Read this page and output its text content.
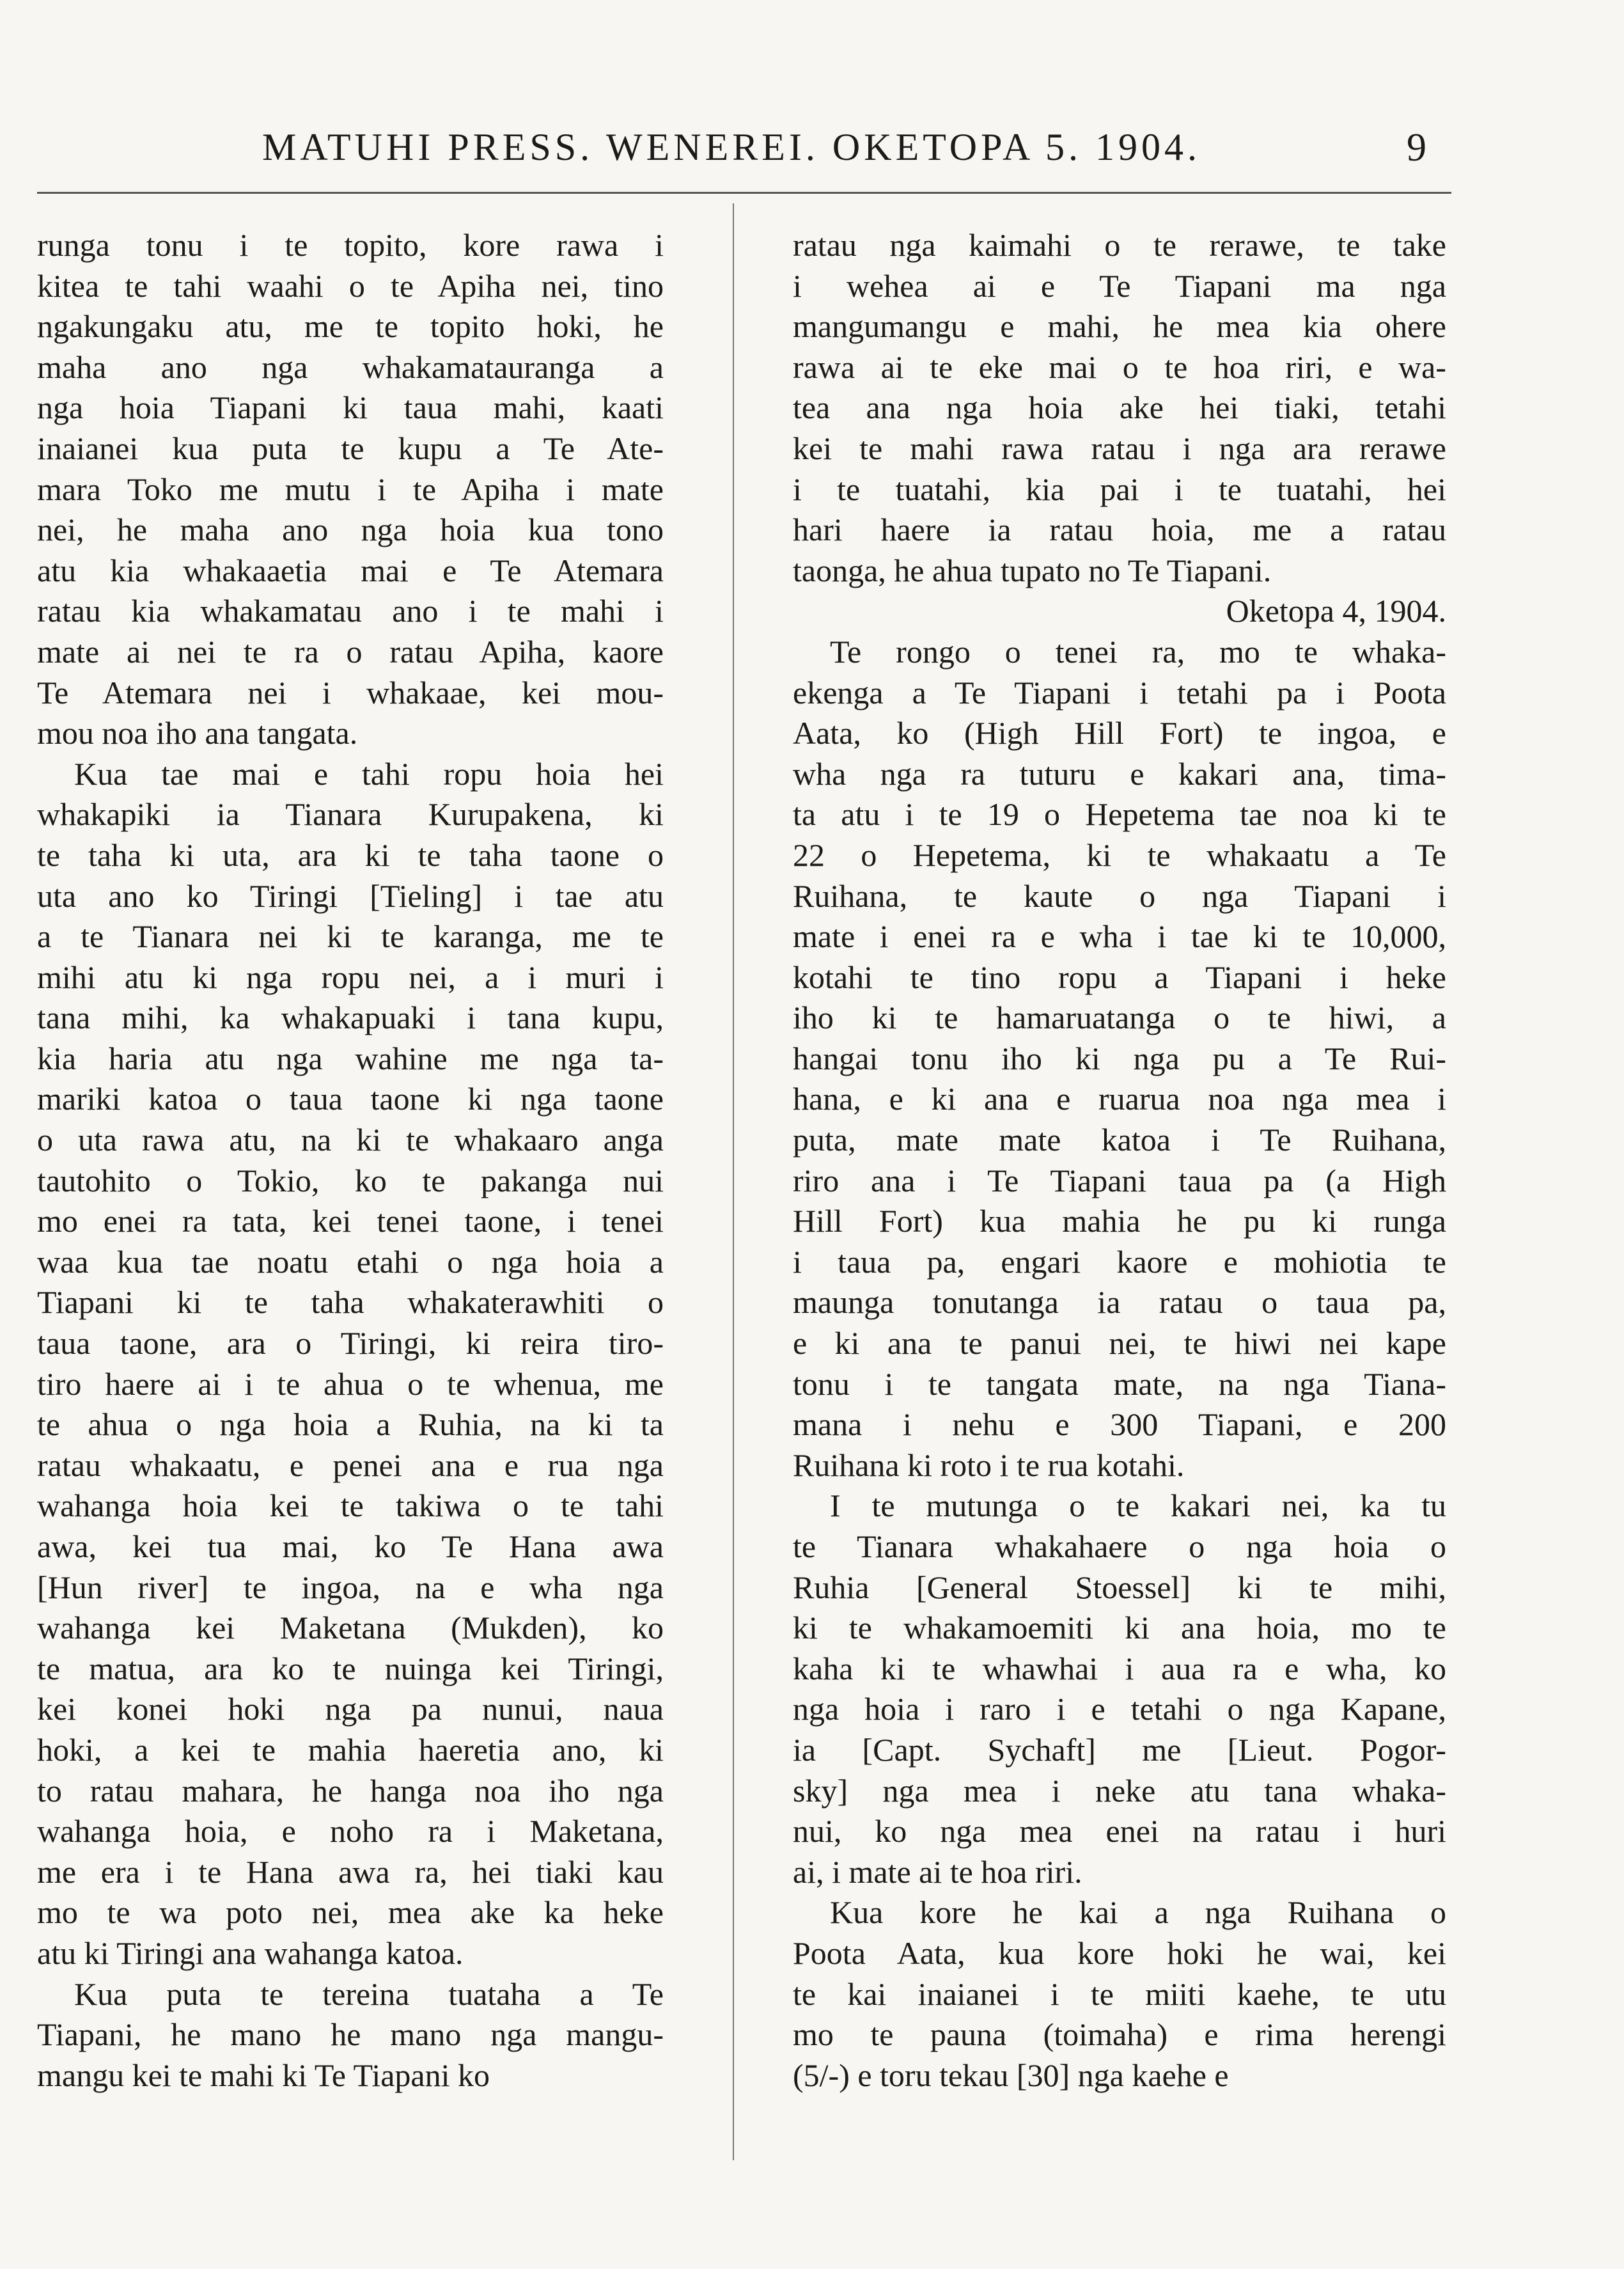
MATUHI PRESS. WENEREI. OKETOPA 5. 1904.	9
runga tonu i te topito, kore rawa i
kitea te tahi waahi o te Apiha nei, tino
ngakungaku atu, me te topito hoki, he
maha ano nga whakamatauranga a
nga hoia Tiapani ki taua mahi, kaati
inaianei kua puta te kupu a Te Ate-
mara Toko me mutu i te Apiha i mate
nei, he maha ano nga hoia kua tono
atu kia whakaaetia mai e Te Atemara
ratau kia whakamatau ano i te mahi i
mate ai nei te ra o ratau Apiha, kaore
Te Atemara nei i whakaae, kei mou-
mou noa iho ana tangata.
Kua tae mai e tahi ropu hoia hei
whakapiki ia Tianara Kurupakena, ki
te taha ki uta, ara ki te taha taone o
uta ano ko Tiringi [Tieling] i tae atu
a te Tianara nei ki te karanga, me te
mihi atu ki nga ropu nei, a i muri i
tana mihi, ka whakapuaki i tana kupu,
kia haria atu nga wahine me nga ta-
mariki katoa o taua taone ki nga taone
o uta rawa atu, na ki te whakaaro anga
tautohito o Tokio, ko te pakanga nui
mo enei ra tata, kei tenei taone, i tenei
waa kua tae noatu etahi o nga hoia a
Tiapani ki te taha whakaterawhiti o
taua taone, ara o Tiringi, ki reira tiro-
tiro haere ai i te ahua o te whenua, me
te ahua o nga hoia a Ruhia, na ki ta
ratau whakaatu, e penei ana e rua nga
wahanga hoia kei te takiwa o te tahi
awa, kei tua mai, ko Te Hana awa
[Hun river] te ingoa, na e wha nga
wahanga kei Maketana (Mukden), ko
te matua, ara ko te nuinga kei Tiringi,
kei konei hoki nga pa nunui, naua
hoki, a kei te mahia haeretia ano, ki
to ratau mahara, he hanga noa iho nga
wahanga hoia, e noho ra i Maketana,
me era i te Hana awa ra, hei tiaki kau
mo te wa poto nei, mea ake ka heke
atu ki Tiringi ana wahanga katoa.
Kua puta te tereina tuataha a Te
Tiapani, he mano he mano nga mangu-
mangu kei te mahi ki Te Tiapani ko
ratau nga kaimahi o te rerawe, te take
i wehea ai e Te Tiapani ma nga
mangumangu e mahi, he mea kia ohere
rawa ai te eke mai o te hoa riri, e wa-
tea ana nga hoia ake hei tiaki, tetahi
kei te mahi rawa ratau i nga ara rerawe
i te tuatahi, kia pai i te tuatahi, hei
hari haere ia ratau hoia, me a ratau
taonga, he ahua tupato no Te Tiapani.
Oketopa 4, 1904.
Te rongo o tenei ra, mo te whaka-
ekenga a Te Tiapani i tetahi pa i Poota
Aata, ko (High Hill Fort) te ingoa, e
wha nga ra tuturu e kakari ana, tima-
ta atu i te 19 o Hepetema tae noa ki te
22 o Hepetema, ki te whakaatu a Te
Ruihana, te kaute o nga Tiapani i
mate i enei ra e wha i tae ki te 10,000,
kotahi te tino ropu a Tiapani i heke
iho ki te hamaruatanga o te hiwi, a
hangai tonu iho ki nga pu a Te Rui-
hana, e ki ana e ruarua noa nga mea i
puta, mate mate katoa i Te Ruihana,
riro ana i Te Tiapani taua pa (a High
Hill Fort) kua mahia he pu ki runga
i taua pa, engari kaore e mohiotia te
maunga tonutanga ia ratau o taua pa,
e ki ana te panui nei, te hiwi nei kape
tonu i te tangata mate, na nga Tiana-
mana i nehu e 300 Tiapani, e 200
Ruihana ki roto i te rua kotahi.
I te mutunga o te kakari nei, ka tu
te Tianara whakahaere o nga hoia o
Ruhia [General Stoessel] ki te mihi,
ki te whakamoemiti ki ana hoia, mo te
kaha ki te whawhai i aua ra e wha, ko
nga hoia i raro i e tetahi o nga Kapane,
ia [Capt. Sychaft] me [Lieut. Pogor-
sky] nga mea i neke atu tana whaka-
nui, ko nga mea enei na ratau i huri
ai, i mate ai te hoa riri.
Kua kore he kai a nga Ruihana o
Poota Aata, kua kore hoki he wai, kei
te kai inaianei i te miiti kaehe, te utu
mo te pauna (toimaha) e rima herengi
(5/-) e toru tekau [30] nga kaehe e
